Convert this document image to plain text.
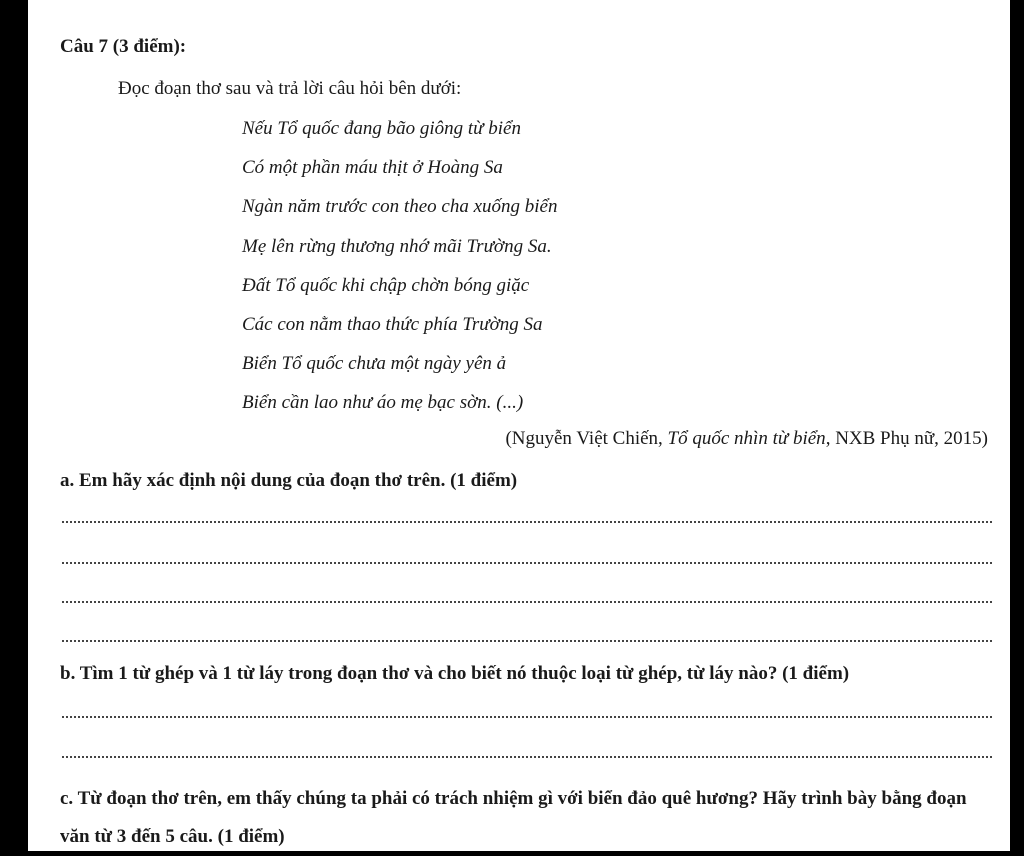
Câu 7 (3 điểm):
Đọc đoạn thơ sau và trả lời câu hỏi bên dưới:
Nếu Tổ quốc đang bão giông từ biển
Có một phần máu thịt ở Hoàng Sa
Ngàn năm trước con theo cha xuống biển
Mẹ lên rừng thương nhớ mãi Trường Sa.
Đất Tổ quốc khi chập chờn bóng giặc
Các con nằm thao thức phía Trường Sa
Biển Tổ quốc chưa một ngày yên ả
Biển cần lao như áo mẹ bạc sờn. (...)
(Nguyễn Việt Chiến, Tổ quốc nhìn từ biển, NXB Phụ nữ, 2015)
a. Em hãy xác định nội dung của đoạn thơ trên. (1 điểm)
b. Tìm 1 từ ghép và 1 từ láy trong đoạn thơ và cho biết nó thuộc loại từ ghép, từ láy nào? (1 điểm)
c. Từ đoạn thơ trên, em thấy chúng ta phải có trách nhiệm gì với biển đảo quê hương? Hãy trình bày bằng đoạn văn từ 3 đến 5 câu. (1 điểm)
